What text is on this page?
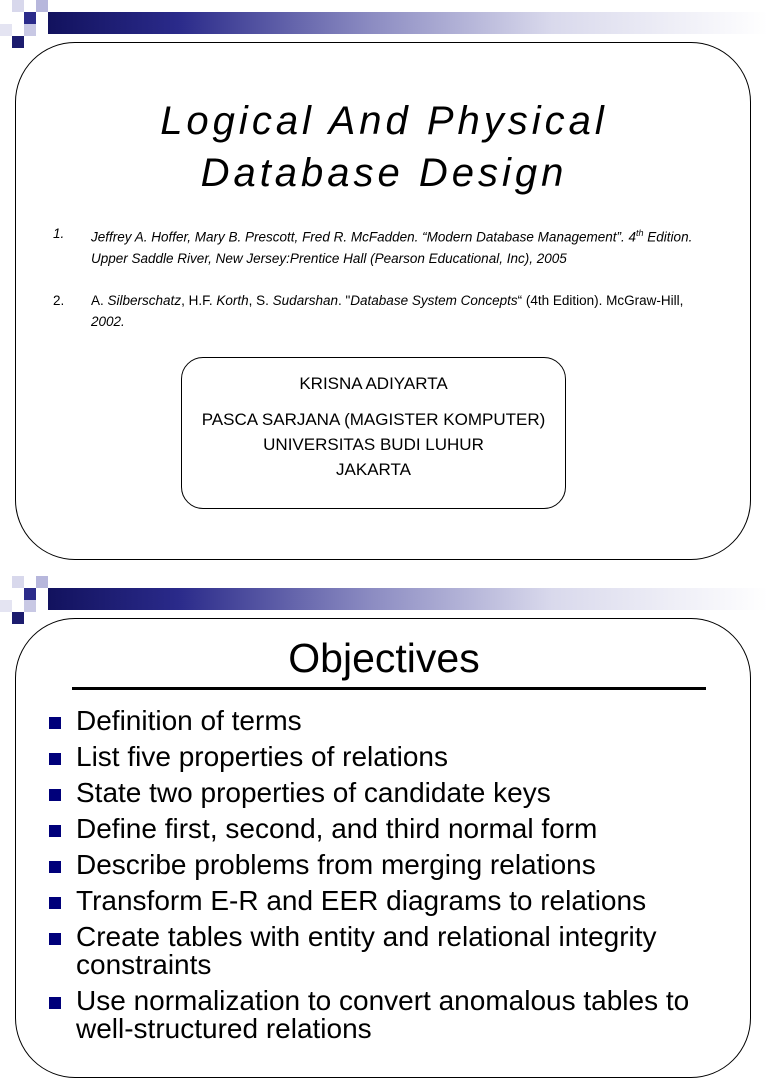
Logical And Physical
Database Design
1.	Jeffrey A. Hoffer, Mary B. Prescott, Fred R. McFadden. “Modern Database Management”. 4th Edition. Upper Saddle River, New Jersey:Prentice Hall (Pearson Educational, Inc), 2005
2.	A. Silberschatz, H.F. Korth, S. Sudarshan. "Database System Concepts“ (4th Edition). McGraw-Hill, 2002.
KRISNA ADIYARTA
PASCA SARJANA (MAGISTER KOMPUTER)
UNIVERSITAS BUDI LUHUR
JAKARTA
Objectives
Definition of terms
List five properties of relations
State two properties of candidate keys
Define first, second, and third normal form
Describe problems from merging relations
Transform E-R and EER diagrams to relations
Create tables with entity and relational integrity constraints
Use normalization to convert anomalous tables to well-structured relations
